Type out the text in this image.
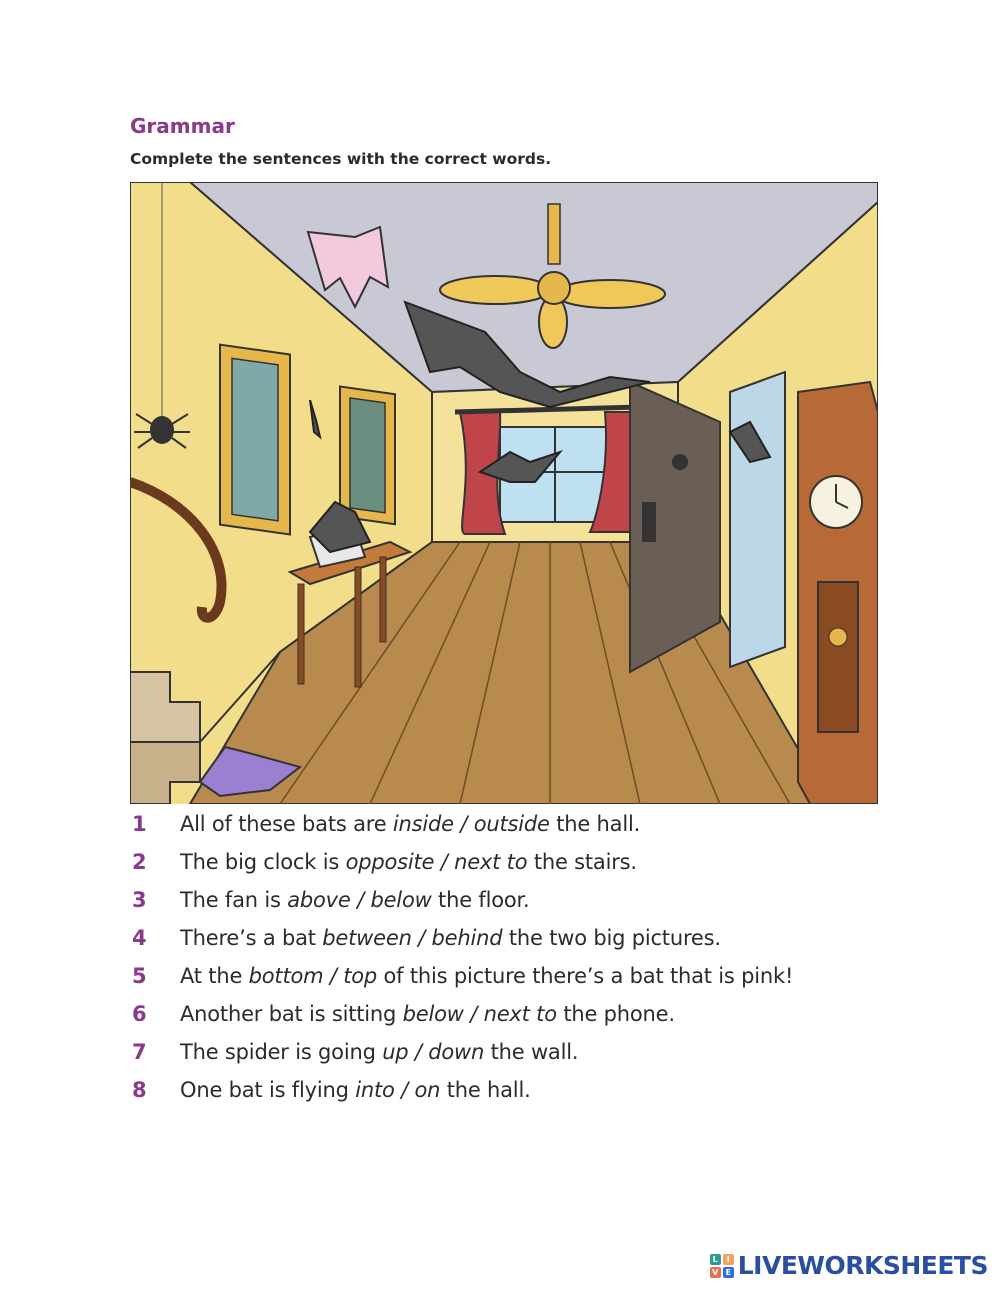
Grammar
Complete the sentences with the correct words.
1	All of these bats are inside / outside the hall.
2	The big clock is opposite / next to the stairs.
3	The fan is above / below the floor.
4	There’s a bat between / behind the two big pictures.
5	At the bottom / top of this picture there’s a bat that is pink!
6	Another bat is sitting below / next to the phone.
7	The spider is going up / down the wall.
8	One bat is flying into / on the hall.
L	I
V E LIVEWORKSHEETS
